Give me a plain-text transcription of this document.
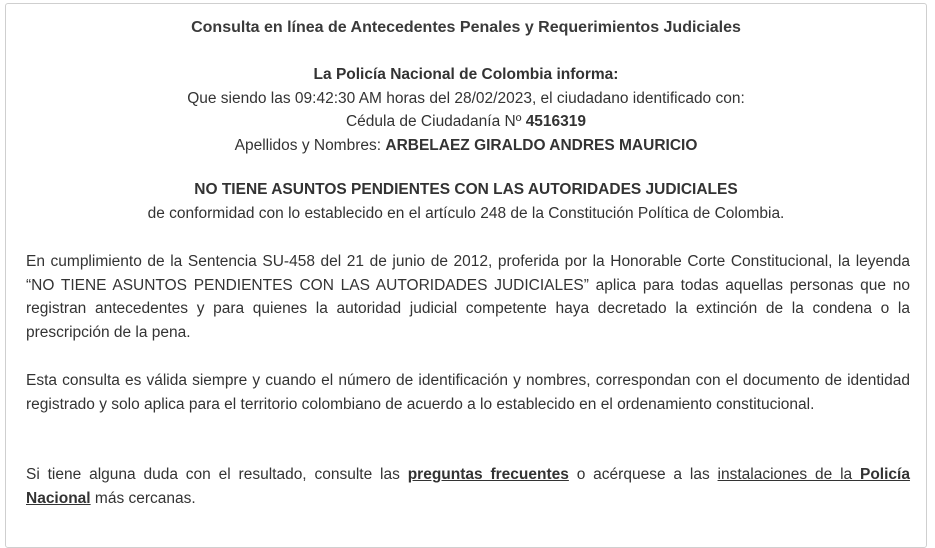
Consulta en línea de Antecedentes Penales y Requerimientos Judiciales
La Policía Nacional de Colombia informa:
Que siendo las 09:42:30 AM horas del 28/02/2023, el ciudadano identificado con:
Cédula de Ciudadanía Nº 4516319
Apellidos y Nombres: ARBELAEZ GIRALDO ANDRES MAURICIO
NO TIENE ASUNTOS PENDIENTES CON LAS AUTORIDADES JUDICIALES
de conformidad con lo establecido en el artículo 248 de la Constitución Política de Colombia.
En cumplimiento de la Sentencia SU-458 del 21 de junio de 2012, proferida por la Honorable Corte Constitucional, la leyenda “NO TIENE ASUNTOS PENDIENTES CON LAS AUTORIDADES JUDICIALES” aplica para todas aquellas personas que no registran antecedentes y para quienes la autoridad judicial competente haya decretado la extinción de la condena o la prescripción de la pena.
Esta consulta es válida siempre y cuando el número de identificación y nombres, correspondan con el documento de identidad registrado y solo aplica para el territorio colombiano de acuerdo a lo establecido en el ordenamiento constitucional.
Si tiene alguna duda con el resultado, consulte las preguntas frecuentes o acérquese a las instalaciones de la Policía Nacional más cercanas.
